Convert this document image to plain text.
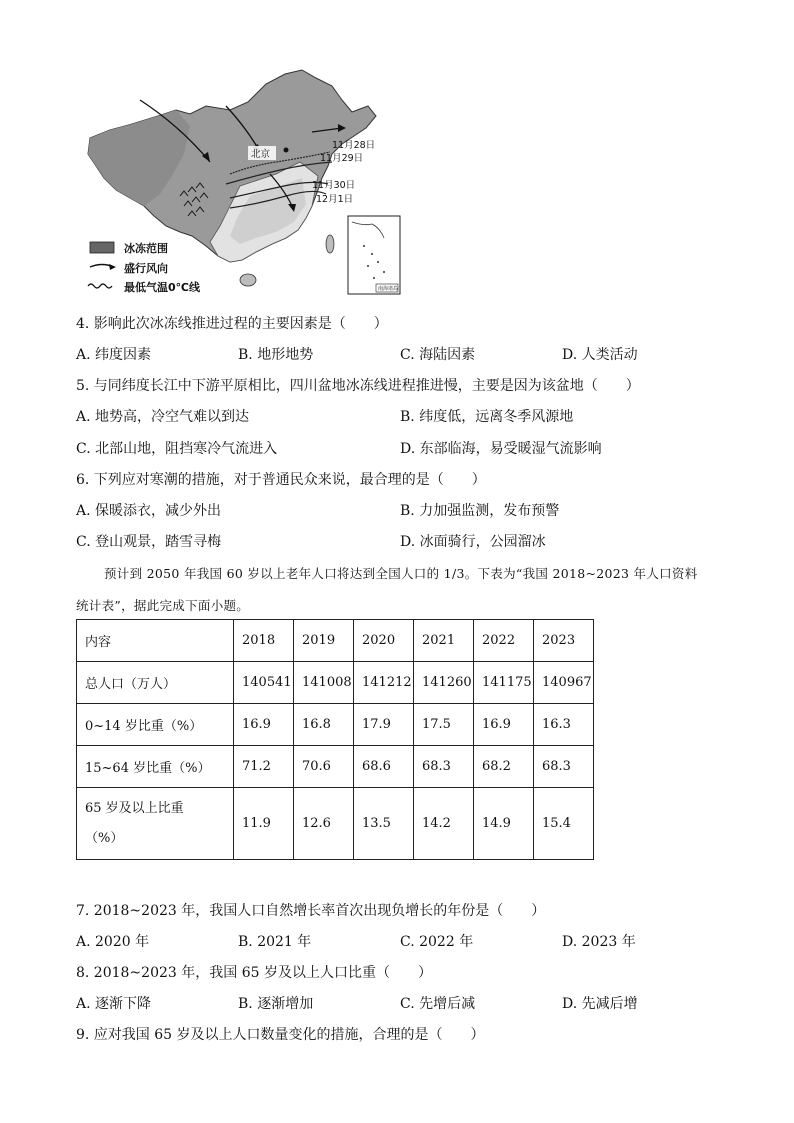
北京
11月28日
11月29日
11月30日
12月1日
南海诸岛
冰冻范围
盛行风向
最低气温0℃线
4. 影响此次冰冻线推进过程的主要因素是（　　）
A. 纬度因素	B. 地形地势	C. 海陆因素	D. 人类活动
5. 与同纬度长江中下游平原相比，四川盆地冰冻线进程推进慢，主要是因为该盆地（　　）
A. 地势高，冷空气难以到达	B. 纬度低，远离冬季风源地
C. 北部山地，阻挡寒冷气流进入	D. 东部临海，易受暖湿气流影响
6. 下列应对寒潮的措施，对于普通民众来说，最合理的是（　　）
A. 保暖添衣，减少外出	B. 力加强监测，发布预警
C. 登山观景，踏雪寻梅	D. 冰面骑行，公园溜冰
预计到 2050 年我国 60 岁以上老年人口将达到全国人口的 1/3。下表为“我国 2018~2023 年人口资料
统计表”，据此完成下面小题。
内容	2018	2019	2020	2021	2022	2023
总人口（万人）	140541	141008	141212	141260	141175	140967
0~14 岁比重（%）	16.9	16.8	17.9	17.5	16.9	16.3
15~64 岁比重（%）	71.2	70.6	68.6	68.3	68.2	68.3

65 岁及以上比重
（%）	11.9	12.6	13.5	14.2	14.9	15.4
7. 2018~2023 年，我国人口自然增长率首次出现负增长的年份是（　　）
A. 2020 年	B. 2021 年	C. 2022 年	D. 2023 年
8. 2018~2023 年，我国 65 岁及以上人口比重（　　）
A. 逐渐下降	B. 逐渐增加	C. 先增后减	D. 先减后增
9. 应对我国 65 岁及以上人口数量变化的措施，合理的是（　　）
